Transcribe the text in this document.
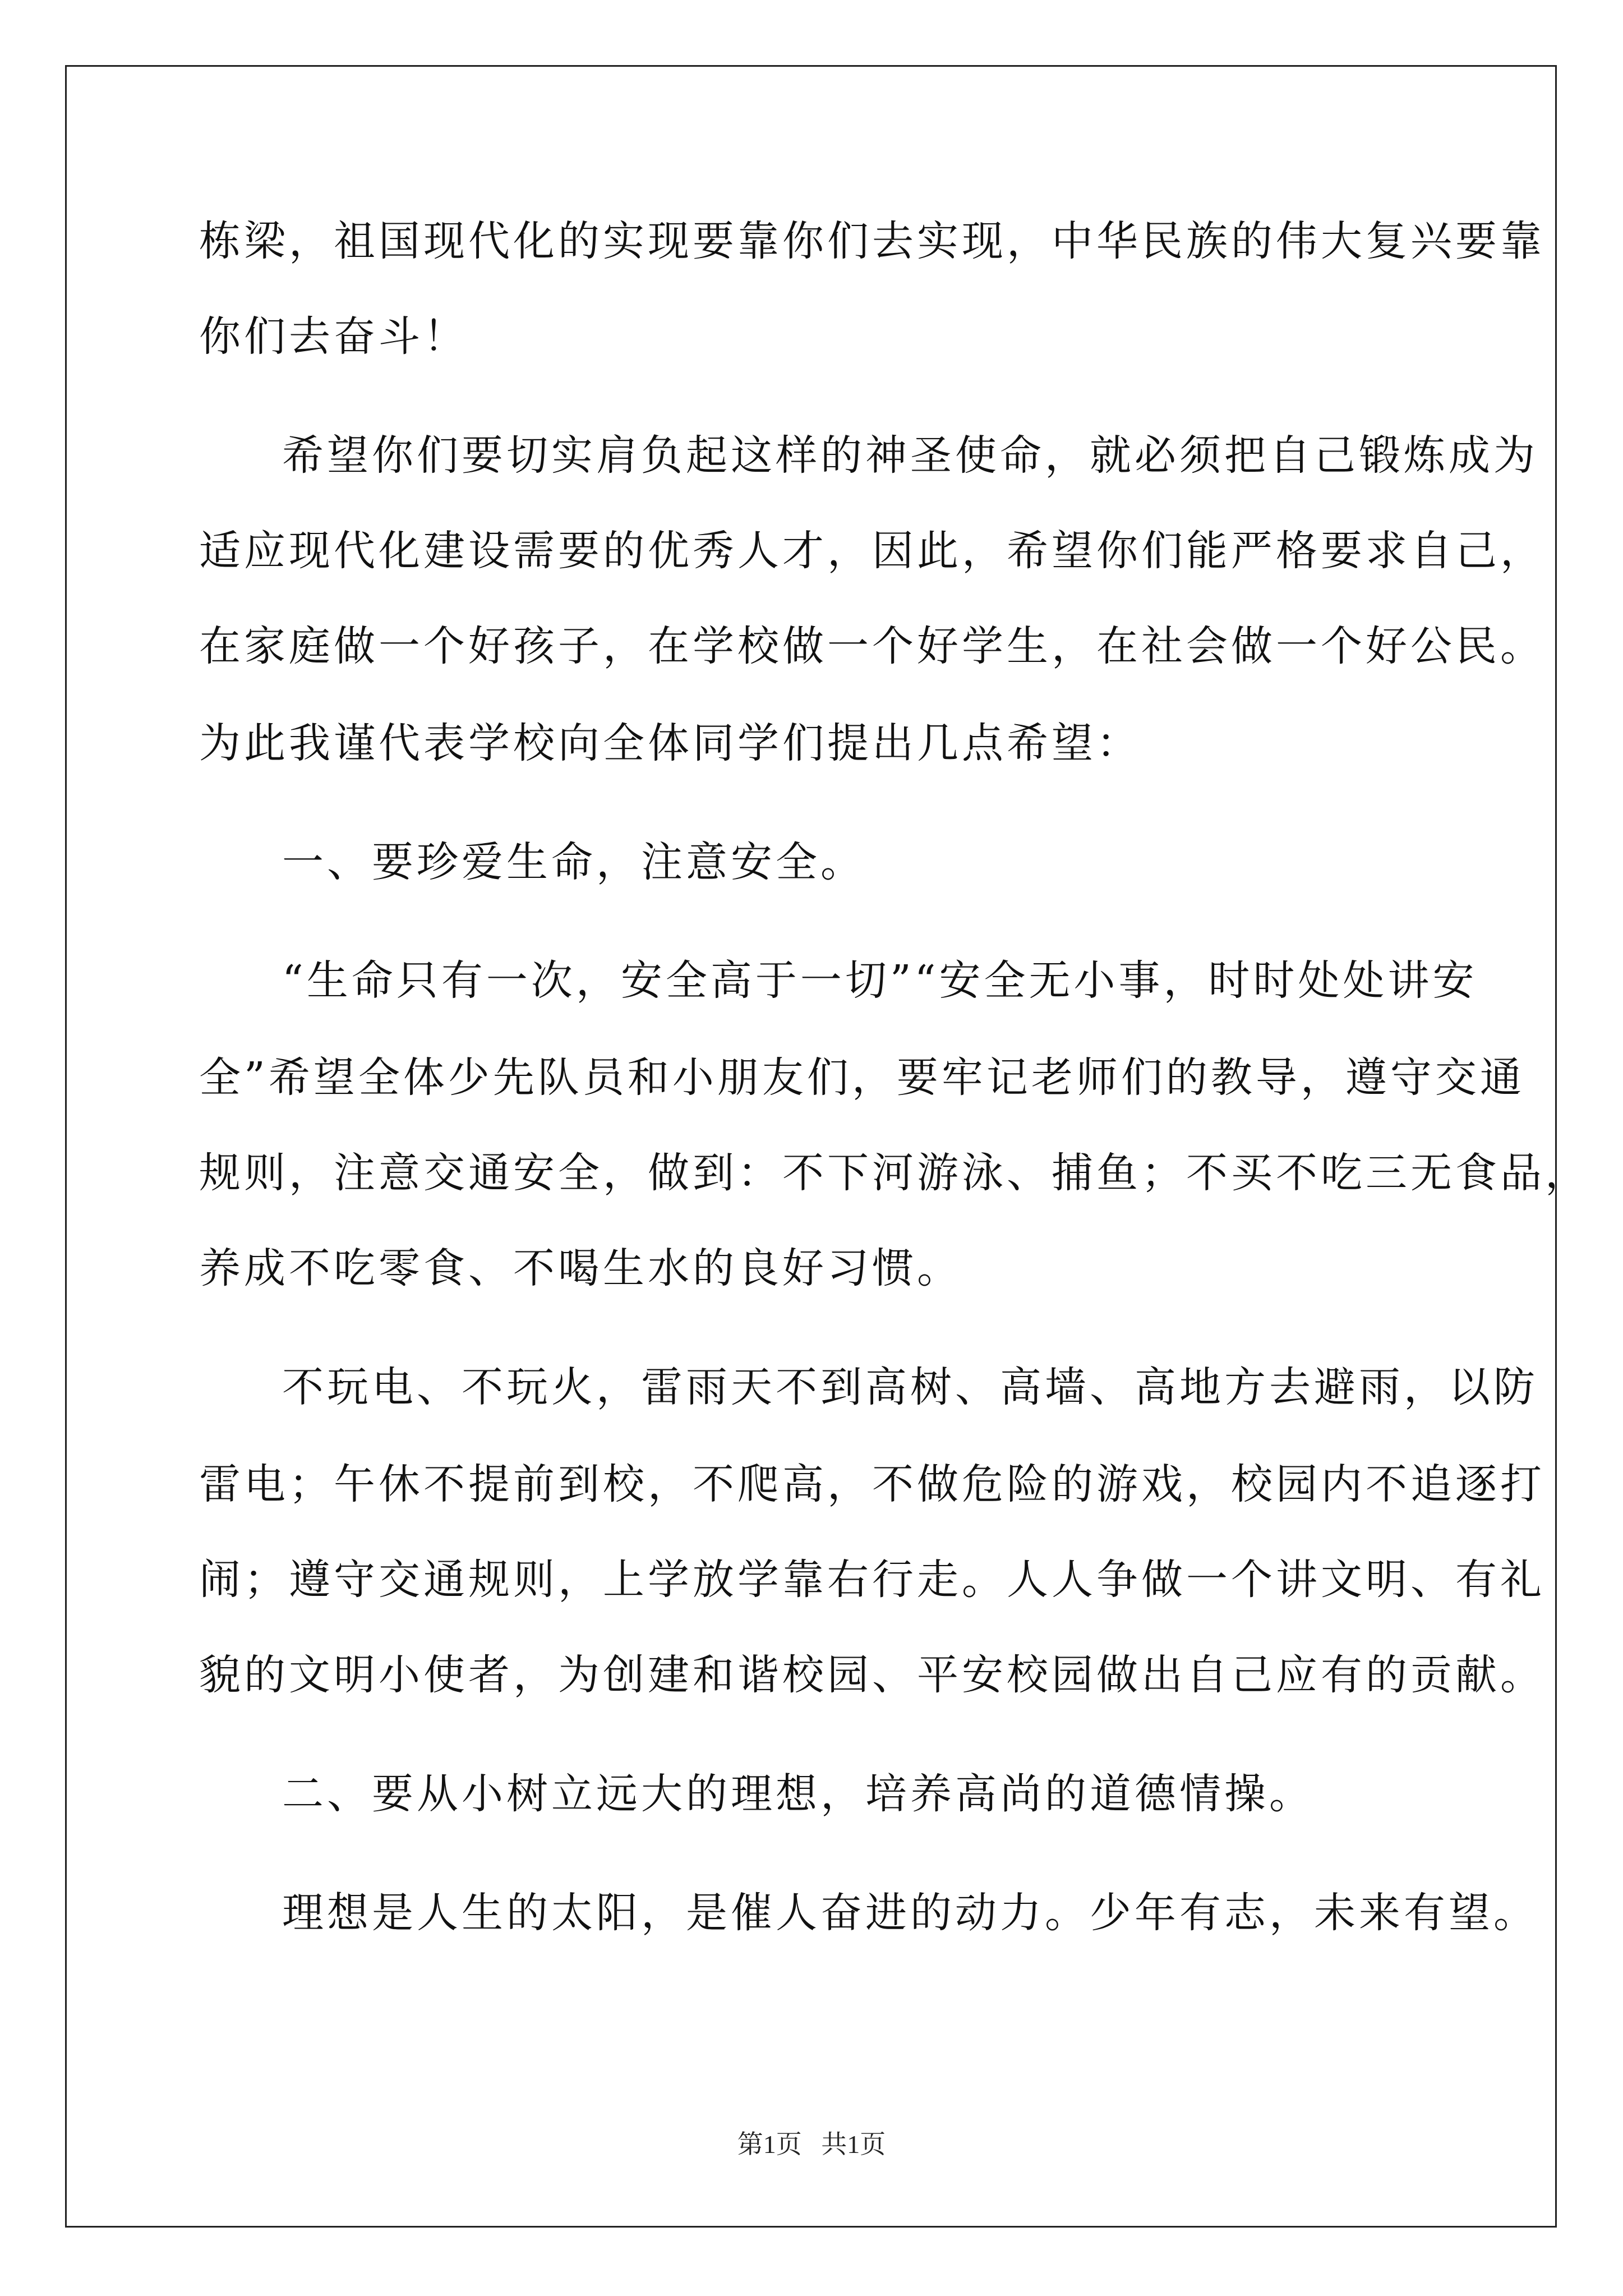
栋梁，祖国现代化的实现要靠你们去实现，中华民族的伟大复兴要靠
你们去奋斗！
希望你们要切实肩负起这样的神圣使命，就必须把自己锻炼成为
适应现代化建设需要的优秀人才，因此，希望你们能严格要求自己，
在家庭做一个好孩子，在学校做一个好学生，在社会做一个好公民。
为此我谨代表学校向全体同学们提出几点希望：
一、要珍爱生命，注意安全。
“生命只有一次，安全高于一切”“安全无小事，时时处处讲安
全”希望全体少先队员和小朋友们，要牢记老师们的教导，遵守交通
规则，注意交通安全，做到：不下河游泳、捕鱼；不买不吃三无食品，
养成不吃零食、不喝生水的良好习惯。
不玩电、不玩火，雷雨天不到高树、高墙、高地方去避雨，以防
雷电；午休不提前到校，不爬高，不做危险的游戏，校园内不追逐打
闹；遵守交通规则，上学放学靠右行走。人人争做一个讲文明、有礼
貌的文明小使者，为创建和谐校园、平安校园做出自己应有的贡献。
二、要从小树立远大的理想，培养高尚的道德情操。
理想是人生的太阳，是催人奋进的动力。少年有志，未来有望。
第1页   共1页
